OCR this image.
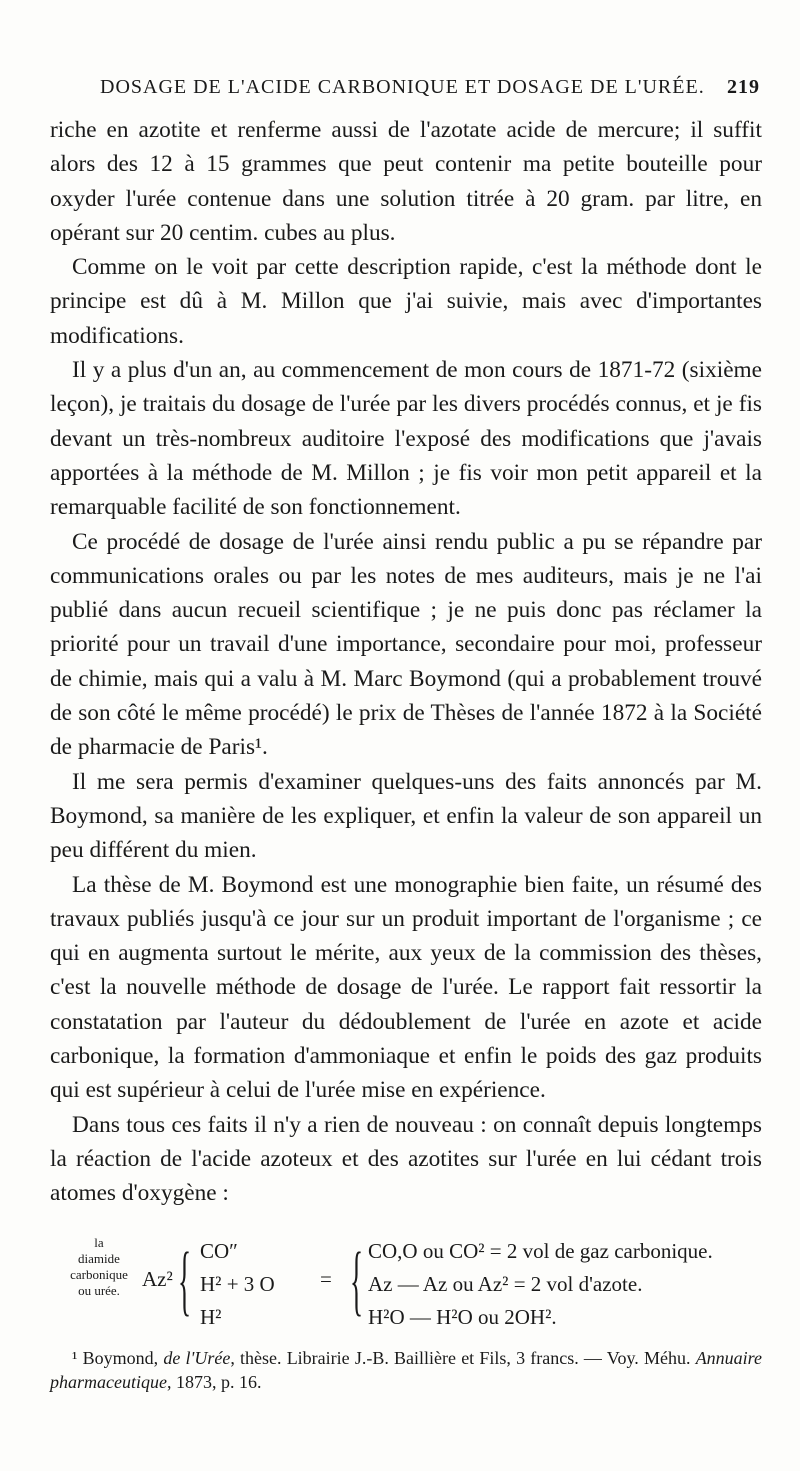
DOSAGE DE L'ACIDE CARBONIQUE ET DOSAGE DE L'URÉE. 219

riche en azotite et renferme aussi de l'azotate acide de mercure; il suffit alors des 12 à 15 grammes que peut contenir ma petite bouteille pour oxyder l'urée contenue dans une solution titrée à 20 gram. par litre, en opérant sur 20 centim. cubes au plus.

Comme on le voit par cette description rapide, c'est la méthode dont le principe est dû à M. Millon que j'ai suivie, mais avec d'importantes modifications.

Il y a plus d'un an, au commencement de mon cours de 1871-72 (sixième leçon), je traitais du dosage de l'urée par les divers procédés connus, et je fis devant un très-nombreux auditoire l'exposé des modifications que j'avais apportées à la méthode de M. Millon ; je fis voir mon petit appareil et la remarquable facilité de son fonctionnement.

Ce procédé de dosage de l'urée ainsi rendu public a pu se répandre par communications orales ou par les notes de mes auditeurs, mais je ne l'ai publié dans aucun recueil scientifique ; je ne puis donc pas réclamer la priorité pour un travail d'une importance, secondaire pour moi, professeur de chimie, mais qui a valu à M. Marc Boymond (qui a probablement trouvé de son côté le même procédé) le prix de Thèses de l'année 1872 à la Société de pharmacie de Paris¹.

Il me sera permis d'examiner quelques-uns des faits annoncés par M. Boymond, sa manière de les expliquer, et enfin la valeur de son appareil un peu différent du mien.

La thèse de M. Boymond est une monographie bien faite, un résumé des travaux publiés jusqu'à ce jour sur un produit important de l'organisme ; ce qui en augmenta surtout le mérite, aux yeux de la commission des thèses, c'est la nouvelle méthode de dosage de l'urée. Le rapport fait ressortir la constatation par l'auteur du dédoublement de l'urée en azote et acide carbonique, la formation d'ammoniaque et enfin le poids des gaz produits qui est supérieur à celui de l'urée mise en expérience.

Dans tous ces faits il n'y a rien de nouveau : on connaît depuis longtemps la réaction de l'acide azoteux et des azotites sur l'urée en lui cédant trois atomes d'oxygène :

la
diamide
carbonique
ou urée.	Az² { CO″
H² + 3 O
H²
= { CO,O ou CO² = 2 vol de gaz carbonique.
Az — Az ou Az² = 2 vol d'azote.
H²O — H²O ou 2OH².
¹ Boymond, de l'Urée, thèse. Librairie J.-B. Baillière et Fils, 3 francs. — Voy. Méhu. Annuaire pharmaceutique, 1873, p. 16.
